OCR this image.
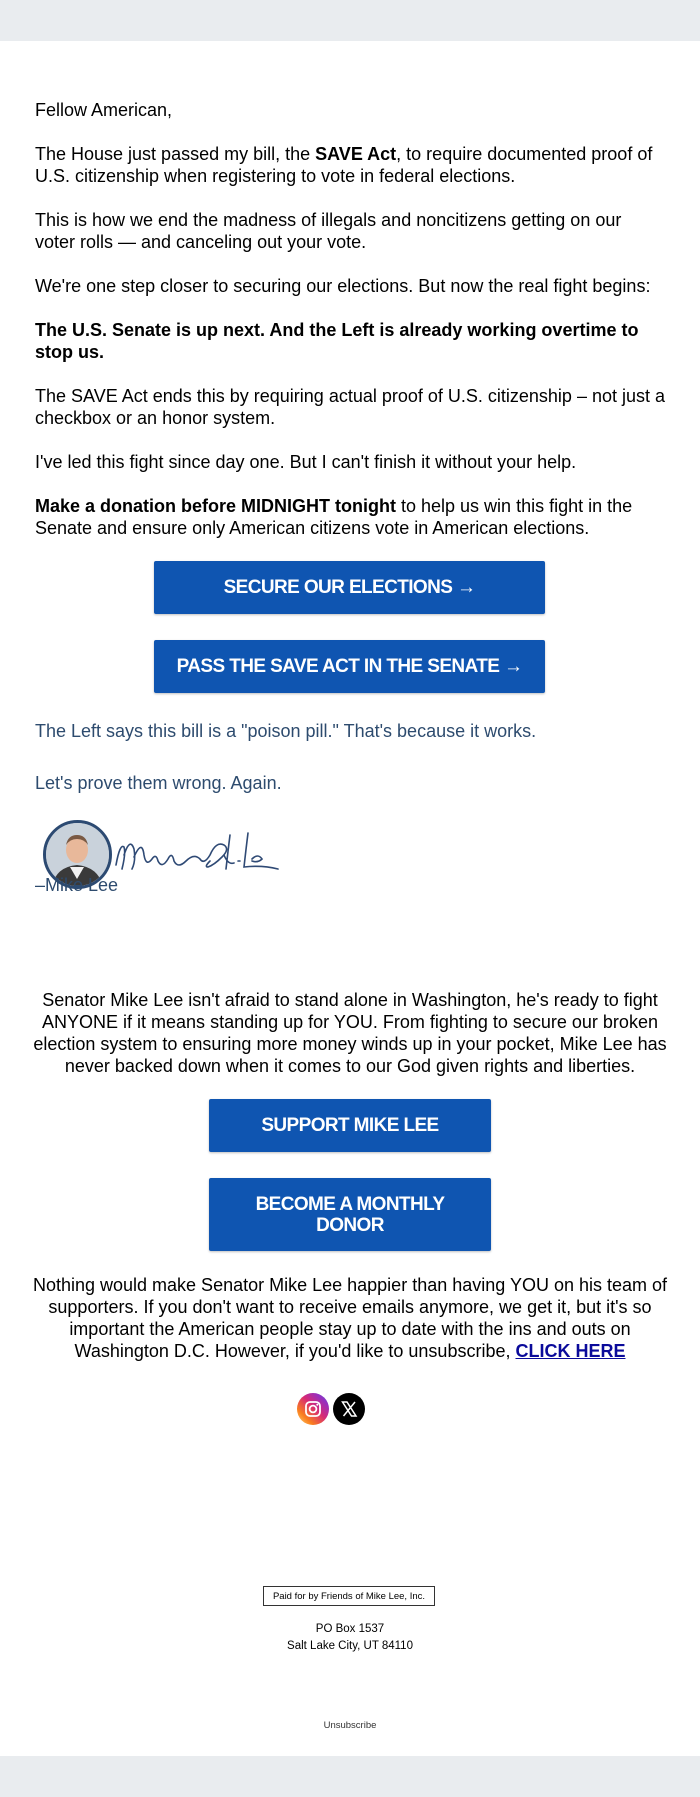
Fellow American,

The House just passed my bill, the SAVE Act, to require documented proof of U.S. citizenship when registering to vote in federal elections.

This is how we end the madness of illegals and noncitizens getting on our voter rolls — and canceling out your vote.

We're one step closer to securing our elections. But now the real fight begins:

The U.S. Senate is up next. And the Left is already working overtime to stop us.

The SAVE Act ends this by requiring actual proof of U.S. citizenship – not just a checkbox or an honor system.

I've led this fight since day one. But I can't finish it without your help.

Make a donation before MIDNIGHT tonight to help us win this fight in the Senate and ensure only American citizens vote in American elections.

SECURE OUR ELECTIONS →
PASS THE SAVE ACT IN THE SENATE →

The Left says this bill is a "poison pill." That's because it works.

Let's prove them wrong. Again.

–Mike Lee

Senator Mike Lee isn't afraid to stand alone in Washington, he's ready to fight ANYONE if it means standing up for YOU. From fighting to secure our broken election system to ensuring more money winds up in your pocket, Mike Lee has never backed down when it comes to our God given rights and liberties.

SUPPORT MIKE LEE
BECOME A MONTHLY DONOR

Nothing would make Senator Mike Lee happier than having YOU on his team of supporters. If you don't want to receive emails anymore, we get it, but it's so important the American people stay up to date with the ins and outs on Washington D.C. However, if you'd like to unsubscribe, CLICK HERE

Paid for by Friends of Mike Lee, Inc.
PO Box 1537
Salt Lake City, UT 84110
Unsubscribe
